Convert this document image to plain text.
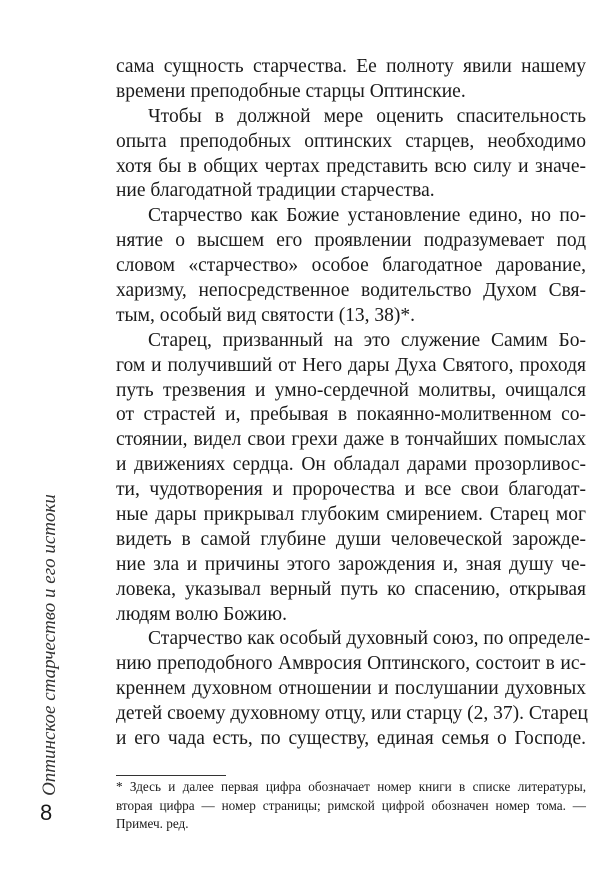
Оптинское старчество и его истоки
8
сама сущность старчества. Ее полноту явили нашему
времени преподобные старцы Оптинские.
Чтобы в должной мере оценить спасительность
опыта преподобных оптинских старцев, необходимо
хотя бы в общих чертах представить всю силу и значе-
ние благодатной традиции старчества.
Старчество как Божие установление едино, но по-
нятие о высшем его проявлении подразумевает под
словом «старчество» особое благодатное дарование,
харизму, непосредственное водительство Духом Свя-
тым, особый вид святости (13, 38)*.
Старец, призванный на это служение Самим Бо-
гом и получивший от Него дары Духа Святого, проходя
путь трезвения и умно-сердечной молитвы, очищался
от страстей и, пребывая в покаянно-молитвенном со-
стоянии, видел свои грехи даже в тончайших помыслах
и движениях сердца. Он обладал дарами прозорливос-
ти, чудотворения и пророчества и все свои благодат-
ные дары прикрывал глубоким смирением. Старец мог
видеть в самой глубине души человеческой зарожде-
ние зла и причины этого зарождения и, зная душу че-
ловека, указывал верный путь ко спасению, открывая
людям волю Божию.
Старчество как особый духовный союз, по определе-
нию преподобного Амвросия Оптинского, состоит в ис-
креннем духовном отношении и послушании духовных
детей своему духовному отцу, или старцу (2, 37). Старец
и его чада есть, по существу, единая семья о Господе.
* Здесь и далее первая цифра обозначает номер книги в списке литературы,
вторая цифра — номер страницы; римской цифрой обозначен номер тома. —
Примеч. ред.
